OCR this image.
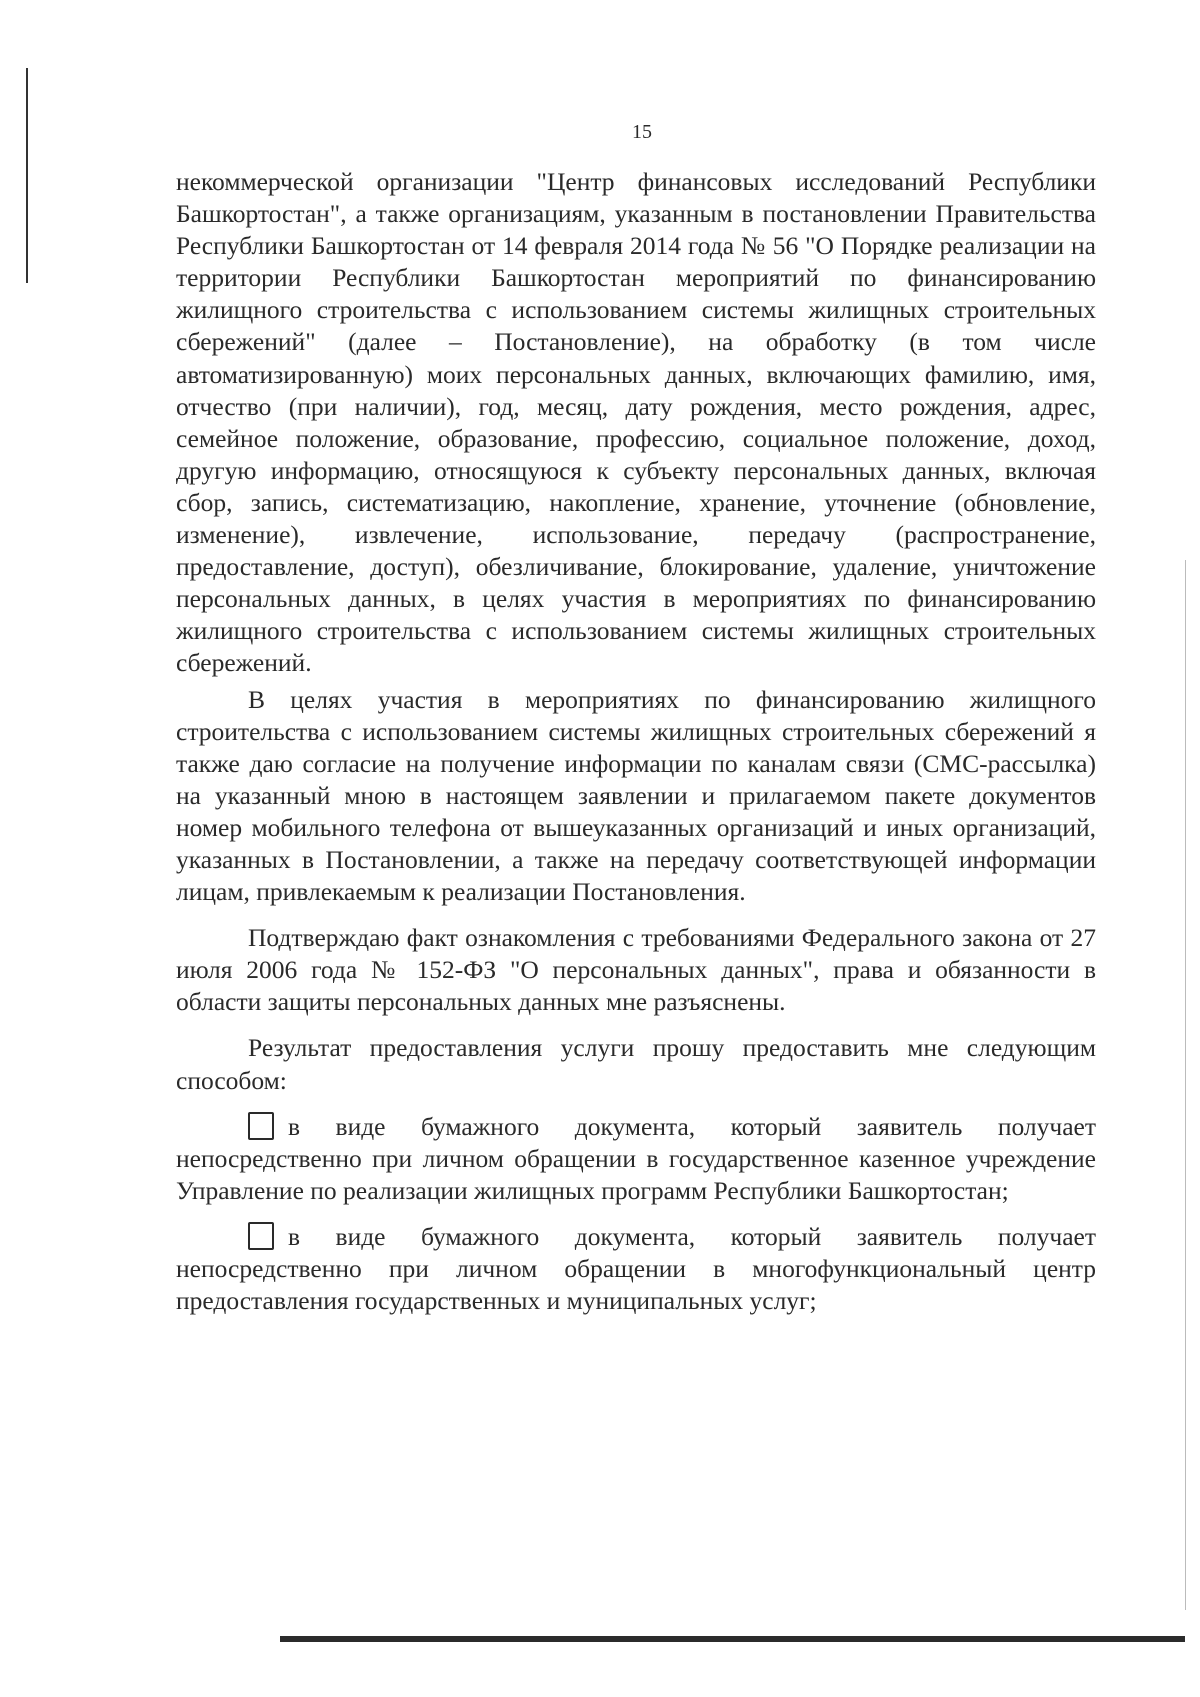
15

некоммерческой организации "Центр финансовых исследований Республики Башкортостан", а также организациям, указанным в постановлении Правительства Республики Башкортостан от 14 февраля 2014 года № 56 "О Порядке реализации на территории Республики Башкортостан мероприятий по финансированию жилищного строительства с использованием системы жилищных строительных сбережений" (далее – Постановление), на обработку (в том числе автоматизированную) моих персональных данных, включающих фамилию, имя, отчество (при наличии), год, месяц, дату рождения, место рождения, адрес, семейное положение, образование, профессию, социальное положение, доход, другую информацию, относящуюся к субъекту персональных данных, включая сбор, запись, систематизацию, накопление, хранение, уточнение (обновление, изменение), извлечение, использование, передачу (распространение, предоставление, доступ), обезличивание, блокирование, удаление, уничтожение персональных данных, в целях участия в мероприятиях по финансированию жилищного строительства с использованием системы жилищных строительных сбережений.

В целях участия в мероприятиях по финансированию жилищного строительства с использованием системы жилищных строительных сбережений я также даю согласие на получение информации по каналам связи (СМС-рассылка) на указанный мною в настоящем заявлении и прилагаемом пакете документов номер мобильного телефона от вышеуказанных организаций и иных организаций, указанных в Постановлении, а также на передачу соответствующей информации лицам, привлекаемым к реализации Постановления.

Подтверждаю факт ознакомления с требованиями Федерального закона от 27 июля 2006 года № 152-ФЗ "О персональных данных", права и обязанности в области защиты персональных данных мне разъяснены.

Результат предоставления услуги прошу предоставить мне следующим способом:

в виде бумажного документа, который заявитель получает непосредственно при личном обращении в государственное казенное учреждение Управление по реализации жилищных программ Республики Башкортостан;

в виде бумажного документа, который заявитель получает непосредственно при личном обращении в многофункциональный центр предоставления государственных и муниципальных услуг;
